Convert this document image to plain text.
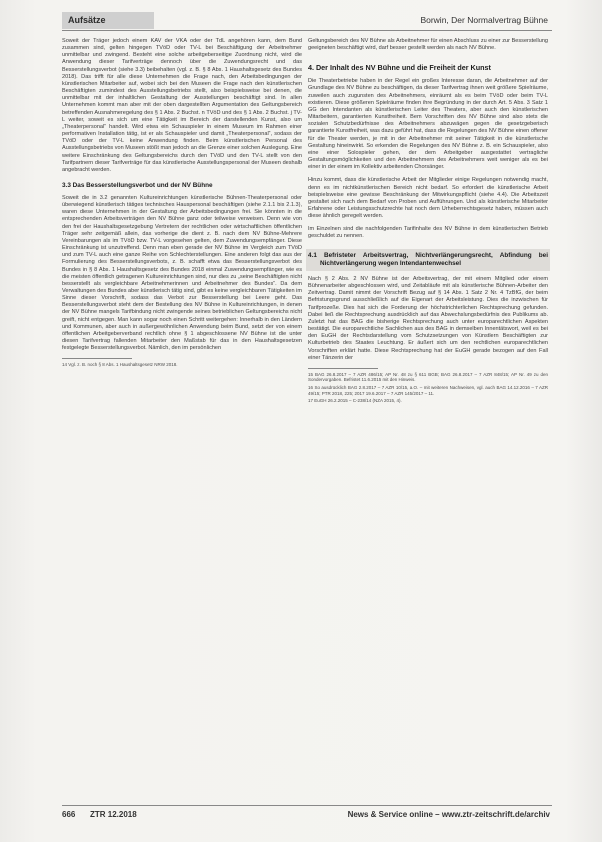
Aufsätze	Borwin, Der Normalvertrag Bühne

Soweit der Träger jedoch einem KAV der VKA oder der TdL angehören kann, dem Bund zusammen sind, gelten hingegen TVöD oder TV-L bei Beschäftigung der Arbeitnehmer unmittelbar und zwingend. Besteht eine solche arbeitgeberseitige Zuordnung nicht, wird die Anwendung dieser Tarifverträge dennoch über die Zuwendungsrecht und das Besserstellungsverbot (siehe 3.3) beibehalten (vgl. z. B. § 8 Abs. 1 Haushaltsgesetz des Bundes 2018). Das trifft für alle diese Unternehmen die Frage nach, den Arbeitsbedingungen der künstlerischen Mitarbeiter auf, wobei sich bei den Museen die Frage nach den künstlerischen Beschäftigten zumindest des Ausstellungsbetriebs stellt, also beispielsweise bei denen, die unmittelbar mit der inhaltlichen Gestaltung der Ausstellungen beschäftigt sind. In allen Unternehmen kommt man aber mit der oben dargestellten Argumentation des Geltungsbereich betreffenden Ausnahmeregelung des § 1 Abs. 2 Buchst. n TVöD und des § 1 Abs. 2 Buchst. j TV-L weiter, soweit es sich um eine Tätigkeit im Bereich der darstellenden Kunst, also um „Theaterpersonal“ handelt. Wird etwa ein Schauspieler in einem Museum im Rahmen einer performativen Installation tätig, ist er als Schauspieler und damit „Theaterpersonal“, sodass der TVöD oder der TV-L keine Anwendung finden. Beim künstlerischen Personal des Ausstellungsbetriebs von Museen stößt man jedoch an die Grenze einer solchen Auslegung. Eine weitere Einschränkung des Geltungsbereichs durch den TVöD und den TV-L stellt von den Tarifpartnern dieser Tarifverträge für das künstlerische Ausstellungspersonal der Museen deshalb angebracht werden.

3.3 Das Besserstellungsverbot und der NV Bühne

Soweit die in 3.2 genannten Kultureinrichtungen künstlerische Bühnen-Theaterpersonal oder überwiegend künstlerisch tätiges technisches Hauspersonal beschäftigen (siehe 2.1.1 bis 2.1.3), waren diese Unternehmen in der Gestaltung der Arbeitsbedingungen frei. Sie könnten in die entsprechenden Arbeitsverträgen den NV Bühne ganz oder teilweise verweisen. Denn wie von den frei der Haushaltsgesetzgebung Vertretern der rechtlichen oder wirtschaftlichen öffentlichen Träger sehr zeitgemäß allein, das vorherige die dient z. B. nach dem NV Bühne-Mehrere Vereinbarungen als im TVöD bzw. TV-L vorgesehen gelten, dem Zuwendungsempfänger. Diese Einschränkung ist unzutreffend. Denn man eben gerade der NV Bühne im Vergleich zum TVöD und zum TV-L auch eine ganze Reihe von Schlechterstellungen. Eine anderen folgt das aus der Formulierung des Besserstellungsverbots, z. B. schafft etwa das Besserstellungsverbot des Bundes in § 8 Abs. 1 Haushaltsgesetz des Bundes 2018 einmal Zuwendungsempfänger, wie es die meisten öffentlich getragenen Kultureinrichtungen sind, nur dies zu „seine Beschäftigten nicht besserstellt als vergleichbare Arbeitnehmerinnen und Arbeitnehmer des Bundes“. Da dem Verwaltungen des Bundes aber künstlerisch tätig sind, gibt es keine vergleichbaren Tätigkeiten im Sinne dieser Vorschrift, sodass das Verbot zur Besserstellung bei Leere geht. Das Besserstellungsverbot steht dem der Bestellung des NV Bühne in Kultureinrichtungen, in denen der NV Bühne mangels Tarifbindung nicht zwingende seines betrieblichen Geltungsbereichs nicht greift, nicht entgegen. Man kann sogar noch einen Schritt weitergehen: Innerhalb in den Ländern und Kommunen, aber auch in außergewöhnlichen Anwendung beim Bund, setzt der von einem öffentlichen Arbeitgeberverband rechtlich ohne § 1 abgeschlossene NV Bühne ist die unter diesen Tarifvertrag fallenden Mitarbeiter den Maßstab für das in den Haushaltsgesetzen festgelegte Besserstellungsverbot. Nämlich, den im persönlichen

14 Vgl. z. B. noch § 8 Abs. 1 Haushaltsgesetz NRW 2018.

Geltungsbereich des NV Bühne als Arbeitnehmer für einen Abschluss zu einer zur Besserstellung geeigneten beschäftigt wird, darf besser gestellt werden als nach NV Bühne.

4. Der Inhalt des NV Bühne und die Freiheit der Kunst

Die Theaterbetriebe haben in der Regel ein großes Interesse daran, die Arbeitnehmer auf der Grundlage des NV Bühne zu beschäftigen, da dieser Tarifvertrag ihnen weit größere Spielräume, zuweilen auch zugunsten des Arbeitnehmers, einräumt als es beim TVöD oder beim TV-L existieren. Diese größeren Spielräume finden ihre Begründung in der durch Art. 5 Abs. 3 Satz 1 GG den Intendanten als künstlerischen Leiter des Theaters, aber auch den künstlerischen Mitarbeitern, garantierten Kunstfreiheit. Bem Vorschriften des NV Bühne sind also stets die sozialen Schutzbedürfnisse des Arbeitnehmers abzuwägen gegen die gesetzgeberisch garantierte Kunstfreiheit, was dazu geführt hat, dass die Regelungen des NV Bühne einen offener für die Theater werden, je mit in der Arbeitnehmer mit seiner Tätigkeit in die künstlerische Gestaltung hineinwirkt. So erkenden die Regelungen des NV Bühne z. B. ein Schauspieler, also eine einer Solospieler gehen, der dem Arbeitgeber ausgestattet vertragliche Gestaltungsmöglichkeiten und den Arbeitnehmern des Arbeitnehmers weit weniger als es bei einer in der einem im Kollektiv arbeitenden Chorsänger.

Hinzu kommt, dass die künstlerische Arbeit der Mitglieder einige Regelungen notwendig macht, denn es im nichtkünstlerischen Bereich nicht bedarf. So erfordert die künstlerische Arbeit beispielsweise eine gewisse Beschränkung der Mitwirkungspflicht (siehe 4.4). Die Arbeitszeit gestaltet sich nach dem Bedarf von Proben und Aufführungen. Und als künstlerische Mitarbeiter Erfahrene oder Leistungsschutzrechte hat noch dem Urheberrechtsgesetz haben, müssen auch diese ähnlich geregelt werden.

Im Einzelnen sind die nachfolgenden Tarifinhalte des NV Bühne in dem künstlerischen Betrieb geschuldet zu nennen.

4.1 Befristeter Arbeitsvertrag, Nichtverlängerungsrecht, Abfindung bei Nichtverlängerung wegen Intendantenwechsel

Nach § 2 Abs. 2 NV Bühne ist der Arbeitsvertrag, der mit einem Mitglied oder einem Bühnenarbeiter abgeschlossen wird, und Zeitabläufe mit als künstlerische Bühnen-Arbeiter den Zeitvertrag. Damit nimmt der Vorschrift Bezug auf § 14 Abs. 1 Satz 2 Nr. 4 TzBfG, der beim Befristungsgrund ausschließlich auf die Eigenart der Arbeitsleistung. Dies die inzwischen für Tarifprozeße. Dies hat sich die Forderung der höchstrichterlichen Rechtsprechung gefunden. Dabei ließ die Rechtsprechung ausdrücklich auf das Abwechslungsbedürfnis des Publikums ab. Zuletzt hat das BAG die bisherige Rechtsprechung auch unter europarechtlichen Aspekten bestätigt. Die europarechtliche Sachlichen aus des BAG in demselben Innentätswort, weil es bei den EuGH der Rechtsdarstellung vom Schutzsetzungen von Künstlern Beschäftigten zur Kulturbetrieb des Staates Leuchtung. Er äußert sich um den rechtlichen europarechtlichen Vorschriften erklärt hatte. Diese Rechtsprechung hat der EuGH gerade bezogen auf den Fall einer Tänzerin der

15 BAG 26.8.2017 – 7 AZR 486/15; AP Nr. 48 zu § 611 BGB; BAG 26.8.2017 – 7 AZR 848/15; AP Nr. 49 zu den Sondervorgaben. Befristet 11.6.2015 mit den Hinweis.
16 So ausdrücklich BAG 2.8.2017 – 7 AZR 10/15, a.O. – mit weiteren Nachweisen, vgl. auch BAG 14.12.2016 – 7 AZR 49/15; PTR 2018, 225; 2017 19.6.2017 – 7 AZR 145/2017 – 11.
17 EuGH 26.2.2015 – C-238/14 (NZA 2015, 4).
666 ZTR 12.2018	News & Service online – www.ztr-zeitschrift.de/archiv
